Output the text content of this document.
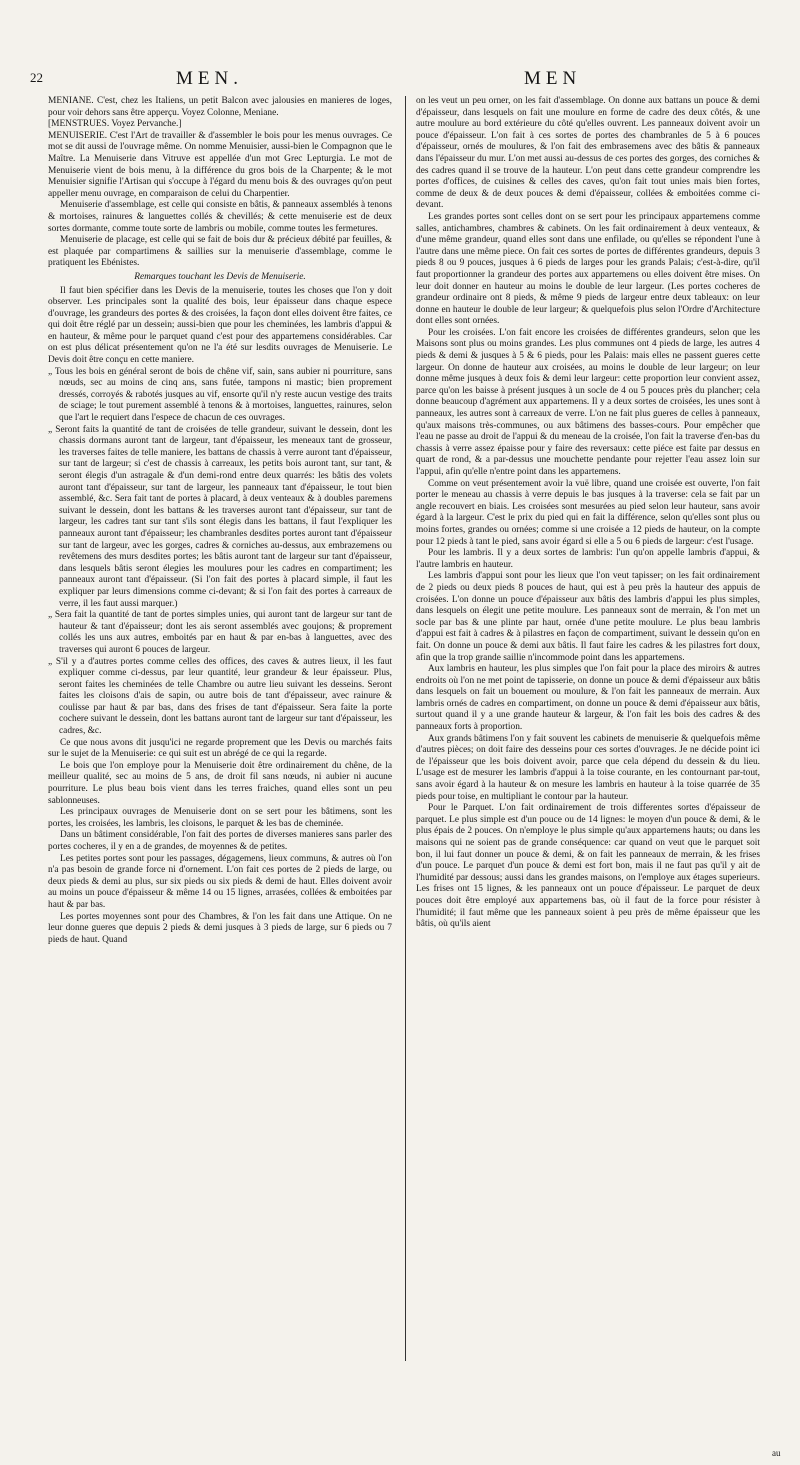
22	MEN.	MEN

MENIANE. C'est, chez les Italiens, un petit Balcon avec jalousies en manieres de loges, pour voir dehors sans être apperçu. Voyez Colonne, Meniane.

[MENSTRUES. Voyez Pervanche.]

MENUISERIE. C'est l'Art de travailler & d'assembler le bois pour les menus ouvrages. Ce mot se dit aussi de l'ouvrage même. On nomme Menuisier, aussi-bien le Compagnon que le Maître. La Menuiserie dans Vitruve est appellée d'un mot Grec Lepturgia. Le mot de Menuiserie vient de bois menu, à la différence du gros bois de la Charpente; & le mot Menuisier signifie l'Artisan qui s'occupe à l'égard du menu bois & des ouvrages qu'on peut appeller menu ouvrage, en comparaison de celui du Charpentier.

Menuiserie d'assemblage, est celle qui consiste en bâtis, & panneaux assemblés à tenons & mortoises, rainures & languettes collés & chevillés; & cette menuiserie est de deux sortes dormante, comme toute sorte de lambris ou mobile, comme toutes les fermetures.

Menuiserie de placage, est celle qui se fait de bois dur & précieux débité par feuilles, & est plaquée par compartimens & saillies sur la menuiserie d'assemblage, comme le pratiquent les Ebénistes.

Remarques touchant les Devis de Menuiserie.

Il faut bien spécifier dans les Devis de la menuiserie, toutes les choses que l'on y doit observer. Les principales sont la qualité des bois, leur épaisseur dans chaque espece d'ouvrage, les grandeurs des portes & des croisées, la façon dont elles doivent être faites, ce qui doit être réglé par un dessein; aussi-bien que pour les cheminées, les lambris d'appui & en hauteur, & même pour le parquet quand c'est pour des appartemens considérables. Car on est plus délicat présentement qu'on ne l'a été sur lesdits ouvrages de Menuiserie. Le Devis doit être conçu en cette maniere.

„ Tous les bois en général seront de bois de chêne vif, sain, sans aubier ni pourriture, sans nœuds, sec au moins de cinq ans, sans futée, tampons ni mastic; bien proprement dressés, corroyés & rabotés jusques au vif, ensorte qu'il n'y reste aucun vestige des traits de sciage; le tout purement assemblé à tenons & à mortoises, languettes, rainures, selon que l'art le requiert dans l'espece de chacun de ces ouvrages.

„ Seront faits la quantité de tant de croisées de telle grandeur, suivant le dessein, dont les chassis dormans auront tant de largeur, tant d'épaisseur, les meneaux tant de grosseur, les traverses faites de telle maniere, les battans de chassis à verre auront tant d'épaisseur, sur tant de largeur; si c'est de chassis à carreaux, les petits bois auront tant, sur tant, & seront élegis d'un astragale & d'un demi-rond entre deux quarrés: les bâtis des volets auront tant d'épaisseur, sur tant de largeur, les panneaux tant d'épaisseur, le tout bien assemblé, &c. Sera fait tant de portes à placard, à deux venteaux & à doubles paremens suivant le dessein, dont les battans & les traverses auront tant d'épaisseur, sur tant de largeur, les cadres tant sur tant s'ils sont élegis dans les battans, il faut l'expliquer les panneaux auront tant d'épaisseur; les chambranles desdites portes auront tant d'épaisseur sur tant de largeur, avec les gorges, cadres & corniches au-dessus, aux embrazemens ou revêtemens des murs desdites portes; les bâtis auront tant de largeur sur tant d'épaisseur, dans lesquels bâtis seront élegies les moulures pour les cadres en compartiment; les panneaux auront tant d'épaisseur. (Si l'on fait des portes à placard simple, il faut les expliquer par leurs dimensions comme ci-devant; & si l'on fait des portes à carreaux de verre, il les faut aussi marquer.)

„ Sera fait la quantité de tant de portes simples unies, qui auront tant de largeur sur tant de hauteur & tant d'épaisseur; dont les ais seront assemblés avec goujons; & proprement collés les uns aux autres, emboités par en haut & par en-bas à languettes, avec des traverses qui auront 6 pouces de largeur.

„ S'il y a d'autres portes comme celles des offices, des caves & autres lieux, il les faut expliquer comme ci-dessus, par leur quantité, leur grandeur & leur épaisseur. Plus, seront faites les cheminées de telle Chambre ou autre lieu suivant les desseins. Seront faites les cloisons d'ais de sapin, ou autre bois de tant d'épaisseur, avec rainure & coulisse par haut & par bas, dans des frises de tant d'épaisseur. Sera faite la porte cochere suivant le dessein, dont les battans auront tant de largeur sur tant d'épaisseur, les cadres, &c.

Ce que nous avons dit jusqu'ici ne regarde proprement que les Devis ou marchés faits sur le sujet de la Menuiserie: ce qui suit est un abrégé de ce qui la regarde.

Le bois que l'on employe pour la Menuiserie doit être ordinairement du chêne, de la meilleur qualité, sec au moins de 5 ans, de droit fil sans nœuds, ni aubier ni aucune pourriture. Le plus beau bois vient dans les terres fraiches, quand elles sont un peu sablonneuses.

Les principaux ouvrages de Menuiserie dont on se sert pour les bâtimens, sont les portes, les croisées, les lambris, les cloisons, le parquet & les bas de cheminée.

Dans un bâtiment considérable, l'on fait des portes de diverses manieres sans parler des portes cocheres, il y en a de grandes, de moyennes & de petites.

Les petites portes sont pour les passages, dégagemens, lieux communs, & autres où l'on n'a pas besoin de grande force ni d'ornement. L'on fait ces portes de 2 pieds de large, ou deux pieds & demi au plus, sur six pieds ou six pieds & demi de haut. Elles doivent avoir au moins un pouce d'épaisseur & même 14 ou 15 lignes, arrasées, collées & emboitées par haut & par bas.

Les portes moyennes sont pour des Chambres, & l'on les fait dans une Attique. On ne leur donne gueres que depuis 2 pieds & demi jusques à 3 pieds de large, sur 6 pieds ou 7 pieds de haut. Quand

on les veut un peu orner, on les fait d'assemblage. On donne aux battans un pouce & demi d'épaisseur, dans lesquels on fait une moulure en forme de cadre des deux côtés, & une autre moulure au bord extérieure du côté qu'elles ouvrent. Les panneaux doivent avoir un pouce d'épaisseur. L'on fait à ces sortes de portes des chambranles de 5 à 6 pouces d'épaisseur, ornés de moulures, & l'on fait des embrasemens avec des bâtis & panneaux dans l'épaisseur du mur. L'on met aussi au-dessus de ces portes des gorges, des corniches & des cadres quand il se trouve de la hauteur. L'on peut dans cette grandeur comprendre les portes d'offices, de cuisines & celles des caves, qu'on fait tout unies mais bien fortes, comme de deux & de deux pouces & demi d'épaisseur, collées & emboitées comme ci-devant.

Les grandes portes sont celles dont on se sert pour les principaux appartemens comme salles, antichambres, chambres & cabinets. On les fait ordinairement à deux venteaux, & d'une même grandeur, quand elles sont dans une enfilade, ou qu'elles se répondent l'une à l'autre dans une même piece. On fait ces sortes de portes de différentes grandeurs, depuis 3 pieds 8 ou 9 pouces, jusques à 6 pieds de larges pour les grands Palais; c'est-à-dire, qu'il faut proportionner la grandeur des portes aux appartemens ou elles doivent être mises. On leur doit donner en hauteur au moins le double de leur largeur. (Les portes cocheres de grandeur ordinaire ont 8 pieds, & même 9 pieds de largeur entre deux tableaux: on leur donne en hauteur le double de leur largeur; & quelquefois plus selon l'Ordre d'Architecture dont elles sont ornées.

Pour les croisées. L'on fait encore les croisées de différentes grandeurs, selon que les Maisons sont plus ou moins grandes. Les plus communes ont 4 pieds de large, les autres 4 pieds & demi & jusques à 5 & 6 pieds, pour les Palais: mais elles ne passent gueres cette largeur. On donne de hauteur aux croisées, au moins le double de leur largeur; on leur donne même jusques à deux fois & demi leur largeur: cette proportion leur convient assez, parce qu'on les baisse à présent jusques à un socle de 4 ou 5 pouces près du plancher; cela donne beaucoup d'agrément aux appartemens. Il y a deux sortes de croisées, les unes sont à panneaux, les autres sont à carreaux de verre. L'on ne fait plus gueres de celles à panneaux, qu'aux maisons très-communes, ou aux bâtimens des basses-cours. Pour empêcher que l'eau ne passe au droit de l'appui & du meneau de la croisée, l'on fait la traverse d'en-bas du chassis à verre assez épaisse pour y faire des reversaux: cette piéce est faite par dessus en quart de rond, & a par-dessus une mouchette pendante pour rejetter l'eau assez loin sur l'appui, afin qu'elle n'entre point dans les appartemens.

Comme on veut présentement avoir la vuë libre, quand une croisée est ouverte, l'on fait porter le meneau au chassis à verre depuis le bas jusques à la traverse: cela se fait par un angle recouvert en biais. Les croisées sont mesurées au pied selon leur hauteur, sans avoir égard à la largeur. C'est le prix du pied qui en fait la différence, selon qu'elles sont plus ou moins fortes, grandes ou ornées; comme si une croisée a 12 pieds de hauteur, on la compte pour 12 pieds à tant le pied, sans avoir égard si elle a 5 ou 6 pieds de largeur: c'est l'usage.

Pour les lambris. Il y a deux sortes de lambris: l'un qu'on appelle lambris d'appui, & l'autre lambris en hauteur.

Les lambris d'appui sont pour les lieux que l'on veut tapisser; on les fait ordinairement de 2 pieds ou deux pieds 8 pouces de haut, qui est à peu près la hauteur des appuis de croisées. L'on donne un pouce d'épaisseur aux bâtis des lambris d'appui les plus simples, dans lesquels on élegit une petite moulure. Les panneaux sont de merrain, & l'on met un socle par bas & une plinte par haut, ornée d'une petite moulure. Le plus beau lambris d'appui est fait à cadres & à pilastres en façon de compartiment, suivant le dessein qu'on en fait. On donne un pouce & demi aux bâtis. Il faut faire les cadres & les pilastres fort doux, afin que la trop grande saillie n'incommode point dans les appartemens.

Aux lambris en hauteur, les plus simples que l'on fait pour la place des miroirs & autres endroits où l'on ne met point de tapisserie, on donne un pouce & demi d'épaisseur aux bâtis dans lesquels on fait un bouement ou moulure, & l'on fait les panneaux de merrain. Aux lambris ornés de cadres en compartiment, on donne un pouce & demi d'épaisseur aux bâtis, surtout quand il y a une grande hauteur & largeur, & l'on fait les bois des cadres & des panneaux forts à proportion.

Aux grands bâtimens l'on y fait souvent les cabinets de menuiserie & quelquefois même d'autres pièces; on doit faire des desseins pour ces sortes d'ouvrages. Je ne décide point ici de l'épaisseur que les bois doivent avoir, parce que cela dépend du dessein & du lieu. L'usage est de mesurer les lambris d'appui à la toise courante, en les contournant par-tout, sans avoir égard à la hauteur & on mesure les lambris en hauteur à la toise quarrée de 35 pieds pour toise, en multipliant le contour par la hauteur.

Pour le Parquet. L'on fait ordinairement de trois differentes sortes d'épaisseur de parquet. Le plus simple est d'un pouce ou de 14 lignes: le moyen d'un pouce & demi, & le plus épais de 2 pouces. On n'employe le plus simple qu'aux appartemens hauts; ou dans les maisons qui ne soient pas de grande conséquence: car quand on veut que le parquet soit bon, il lui faut donner un pouce & demi, & on fait les panneaux de merrain, & les frises d'un pouce. Le parquet d'un pouce & demi est fort bon, mais il ne faut pas qu'il y ait de l'humidité par dessous; aussi dans les grandes maisons, on l'employe aux étages superieurs. Les frises ont 15 lignes, & les panneaux ont un pouce d'épaisseur. Le parquet de deux pouces doit être employé aux appartemens bas, où il faut de la force pour résister à l'humidité; il faut même que les panneaux soient à peu près de même épaisseur que les bâtis, où qu'ils aient

au
